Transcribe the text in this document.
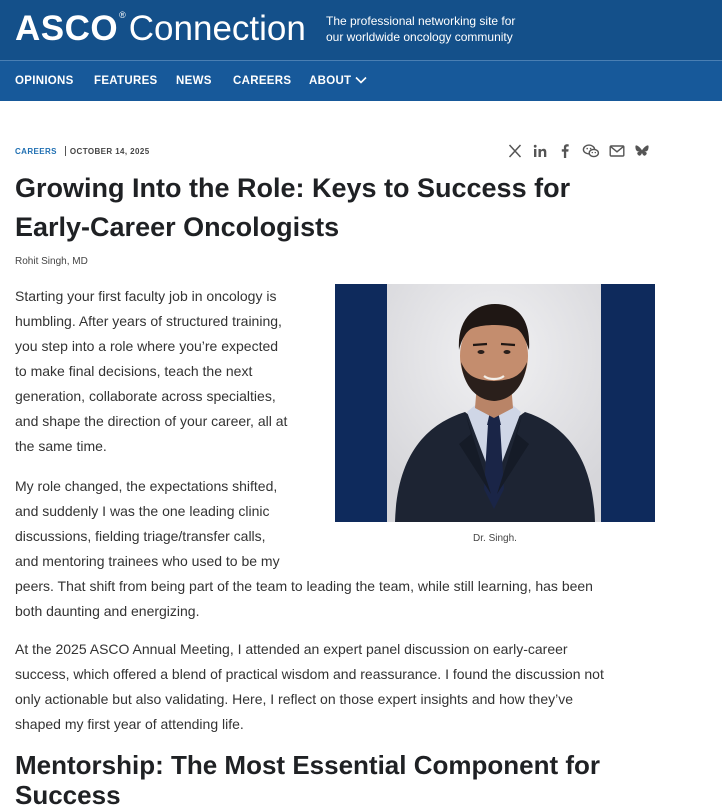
ASCO®Connection The professional networking site for
our worldwide oncology community
OPINIONS FEATURES NEWS CAREERS ABOUT
CAREERS OCTOBER 14, 2025
Growing Into the Role: Keys to Success for
Early-Career Oncologists
Rohit Singh, MD
Dr. Singh.
Starting your first faculty job in oncology is
humbling. After years of structured training,
you step into a role where you’re expected
to make final decisions, teach the next
generation, collaborate across specialties,
and shape the direction of your career, all at
the same time.
My role changed, the expectations shifted,
and suddenly I was the one leading clinic
discussions, fielding triage/transfer calls,
and mentoring trainees who used to be my
peers. That shift from being part of the team to leading the team, while still learning, has been
both daunting and energizing.
At the 2025 ASCO Annual Meeting, I attended an expert panel discussion on early-career
success, which offered a blend of practical wisdom and reassurance. I found the discussion not
only actionable but also validating. Here, I reflect on those expert insights and how they’ve
shaped my first year of attending life.
Mentorship: The Most Essential Component for
Success
